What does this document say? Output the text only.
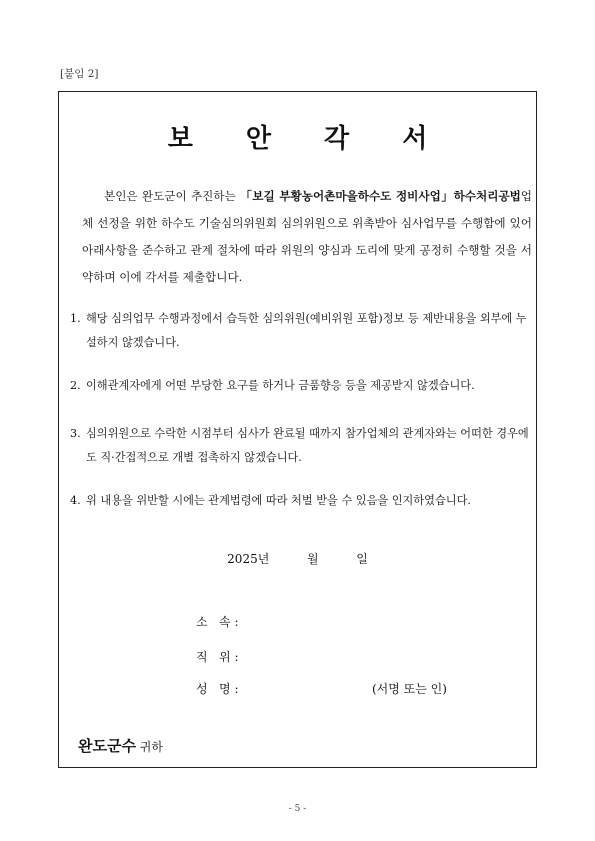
[붙임 2]
보 안 각 서
본인은 완도군이 추진하는 「보길 부황농어촌마을하수도 정비사업」하수처리공법업체 선정을 위한 하수도 기술심의위원회 심의위원으로 위촉받아 심사업무를 수행함에 있어 아래사항을 준수하고 관계 절차에 따라 위원의 양심과 도리에 맞게 공정히 수행할 것을 서약하며 이에 각서를 제출합니다.
1. 해당 심의업무 수행과정에서 습득한 심의위원(예비위원 포함)정보 등 제반내용을 외부에 누설하지 않겠습니다.
2. 이해관계자에게 어떤 부당한 요구를 하거나 금품향응 등을 제공받지 않겠습니다.
3. 심의위원으로 수락한 시점부터 심사가 완료될 때까지 참가업체의 관계자와는 어떠한 경우에도 직·간접적으로 개별 접촉하지 않겠습니다.
4. 위 내용을 위반할 시에는 관계법령에 따라 처벌 받을 수 있음을 인지하였습니다.
2025년	월	일
소   속 :
직   위 :
성   명 :	(서명 또는 인)
완도군수 귀하
- 5 -
